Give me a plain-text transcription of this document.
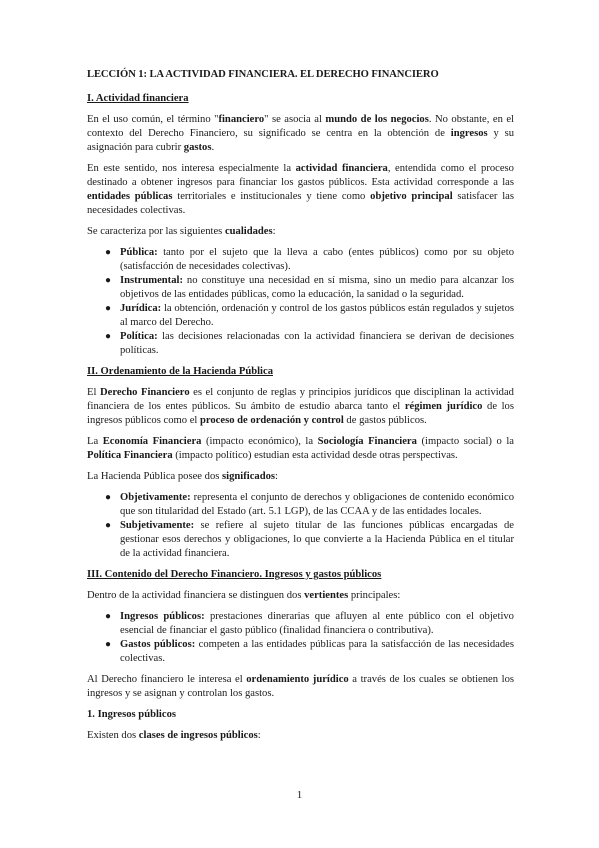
LECCIÓN 1: LA ACTIVIDAD FINANCIERA. EL DERECHO FINANCIERO
I. Actividad financiera

En el uso común, el término "financiero" se asocia al mundo de los negocios. No obstante, en el contexto del Derecho Financiero, su significado se centra en la obtención de ingresos y su asignación para cubrir gastos.

En este sentido, nos interesa especialmente la actividad financiera, entendida como el proceso destinado a obtener ingresos para financiar los gastos públicos. Esta actividad corresponde a las entidades públicas territoriales e institucionales y tiene como objetivo principal satisfacer las necesidades colectivas.

Se caracteriza por las siguientes cualidades:

● Pública: tanto por el sujeto que la lleva a cabo (entes públicos) como por su objeto (satisfacción de necesidades colectivas).
● Instrumental: no constituye una necesidad en sí misma, sino un medio para alcanzar los objetivos de las entidades públicas, como la educación, la sanidad o la seguridad.
● Jurídica: la obtención, ordenación y control de los gastos públicos están regulados y sujetos al marco del Derecho.
● Política: las decisiones relacionadas con la actividad financiera se derivan de decisiones políticas.
II. Ordenamiento de la Hacienda Pública

El Derecho Financiero es el conjunto de reglas y principios jurídicos que disciplinan la actividad financiera de los entes públicos. Su ámbito de estudio abarca tanto el régimen jurídico de los ingresos públicos como el proceso de ordenación y control de gastos públicos.

La Economía Financiera (impacto económico), la Sociología Financiera (impacto social) o la Política Financiera (impacto político) estudian esta actividad desde otras perspectivas.

La Hacienda Pública posee dos significados:

● Objetivamente: representa el conjunto de derechos y obligaciones de contenido económico que son titularidad del Estado (art. 5.1 LGP), de las CCAA y de las entidades locales.
● Subjetivamente: se refiere al sujeto titular de las funciones públicas encargadas de gestionar esos derechos y obligaciones, lo que convierte a la Hacienda Pública en el titular de la actividad financiera.
III. Contenido del Derecho Financiero. Ingresos y gastos públicos

Dentro de la actividad financiera se distinguen dos vertientes principales:

● Ingresos públicos: prestaciones dinerarias que afluyen al ente público con el objetivo esencial de financiar el gasto público (finalidad financiera o contributiva).
● Gastos públicos: competen a las entidades públicas para la satisfacción de las necesidades colectivas.

Al Derecho financiero le interesa el ordenamiento jurídico a través de los cuales se obtienen los ingresos y se asignan y controlan los gastos.

1. Ingresos públicos

Existen dos clases de ingresos públicos:

1
